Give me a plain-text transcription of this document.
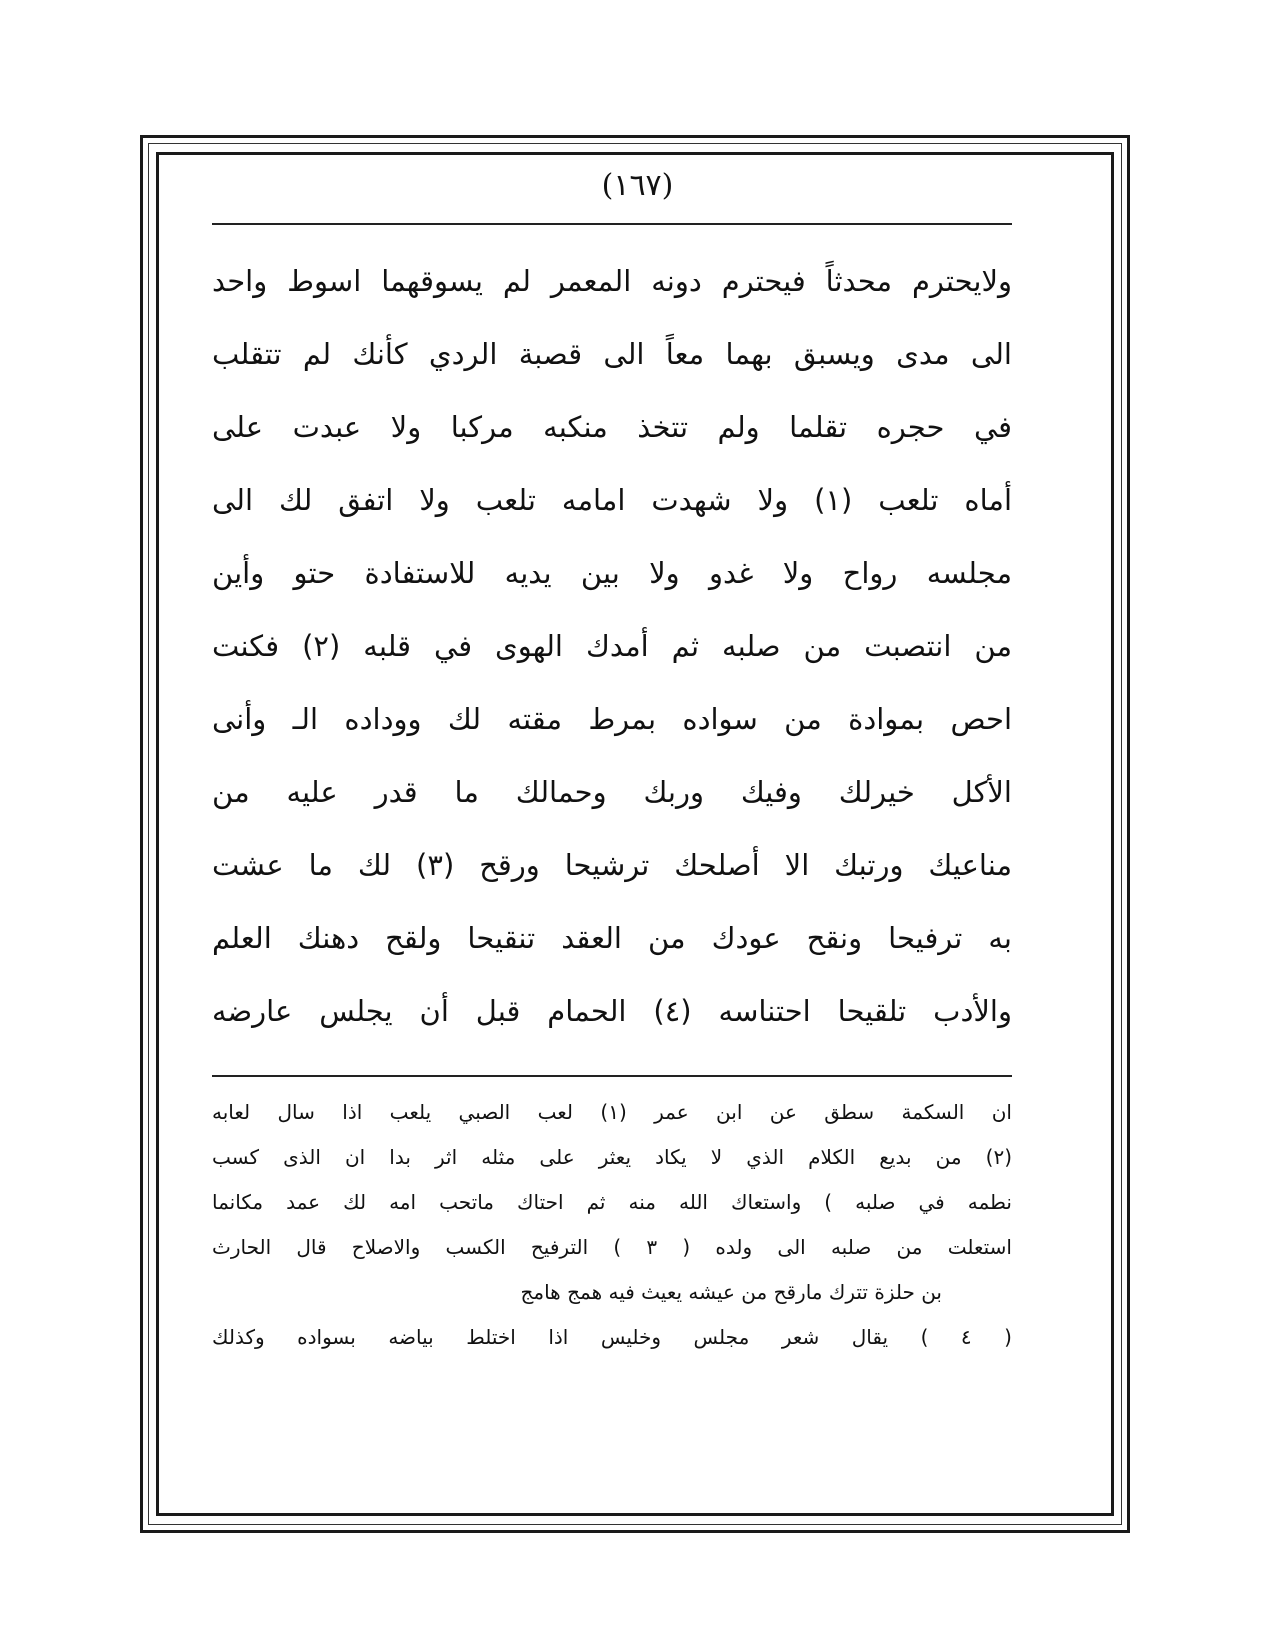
(١٦٧)
ولايحترم محدثاً فيحترم دونه المعمر لم يسوقهما اسوط واحد
الى مدى ويسبق بهما معاً الى قصبة الردي كأنك لم تتقلب
في حجره تقلما ولم تتخذ منكبه مركبا ولا عبدت على
أماه تلعب (١) ولا شهدت امامه تلعب ولا اتفق لك الى
مجلسه رواح ولا غدو ولا بين يديه للاستفادة حتو وأين
من انتصبت من صلبه ثم أمدك الهوى في قلبه (٢) فكنت
احص بموادة من سواده بمرط مقته لك ووداده الـ وأنى
الأكل خيرلك وفيك وربك وحمالك ما قدر عليه من
مناعيك ورتبك الا أصلحك ترشيحا ورقح (٣) لك ما عشت
به ترفيحا ونقح عودك من العقد تنقيحا ولقح دهنك العلم
والأدب تلقيحا احتناسه (٤) الحمام قبل أن يجلس عارضه
ان السكمة سطق عن ابن عمر (١) لعب الصبي يلعب اذا سال لعابه
(٢) من بديع الكلام الذي لا يكاد يعثر على مثله اثر بدا ان الذى كسب
نطمه في صلبه ) واستعاك الله منه ثم احتاك ماتحب امه لك عمد مكانما
استعلت من صلبه الى ولده ( ٣ ) الترفيح الكسب والاصلاح قال الحارث
بن حلزة تترك مارقح من عيشه يعيث فيه همج هامج
( ٤ ) يقال شعر مجلس وخليس اذا اختلط بياضه بسواده وكذلك
